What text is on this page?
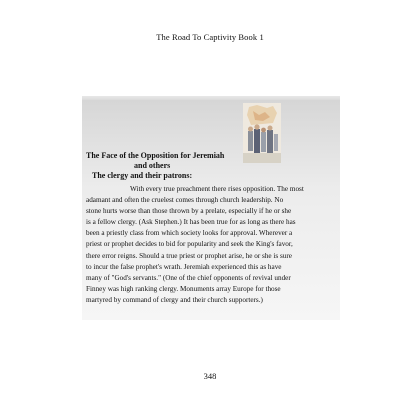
The Road To Captivity Book 1
The Face of the Opposition for Jeremiah
and others
The clergy and their patrons:
With every true preachment there rises opposition. The most
adamant and often the cruelest comes through church leadership. No
stone hurts worse than those thrown by a prelate, especially if he or she
is a fellow clergy. (Ask Stephen.) It has been true for as long as there has
been a priestly class from which society looks for approval. Wherever a
priest or prophet decides to bid for popularity and seek the King's favor,
there error reigns. Should a true priest or prophet arise, he or she is sure
to incur the false prophet's wrath. Jeremiah experienced this as have
many of "God's servants." (One of the chief opponents of revival under
Finney was high ranking clergy. Monuments array Europe for those
martyred by command of clergy and their church supporters.)
348
